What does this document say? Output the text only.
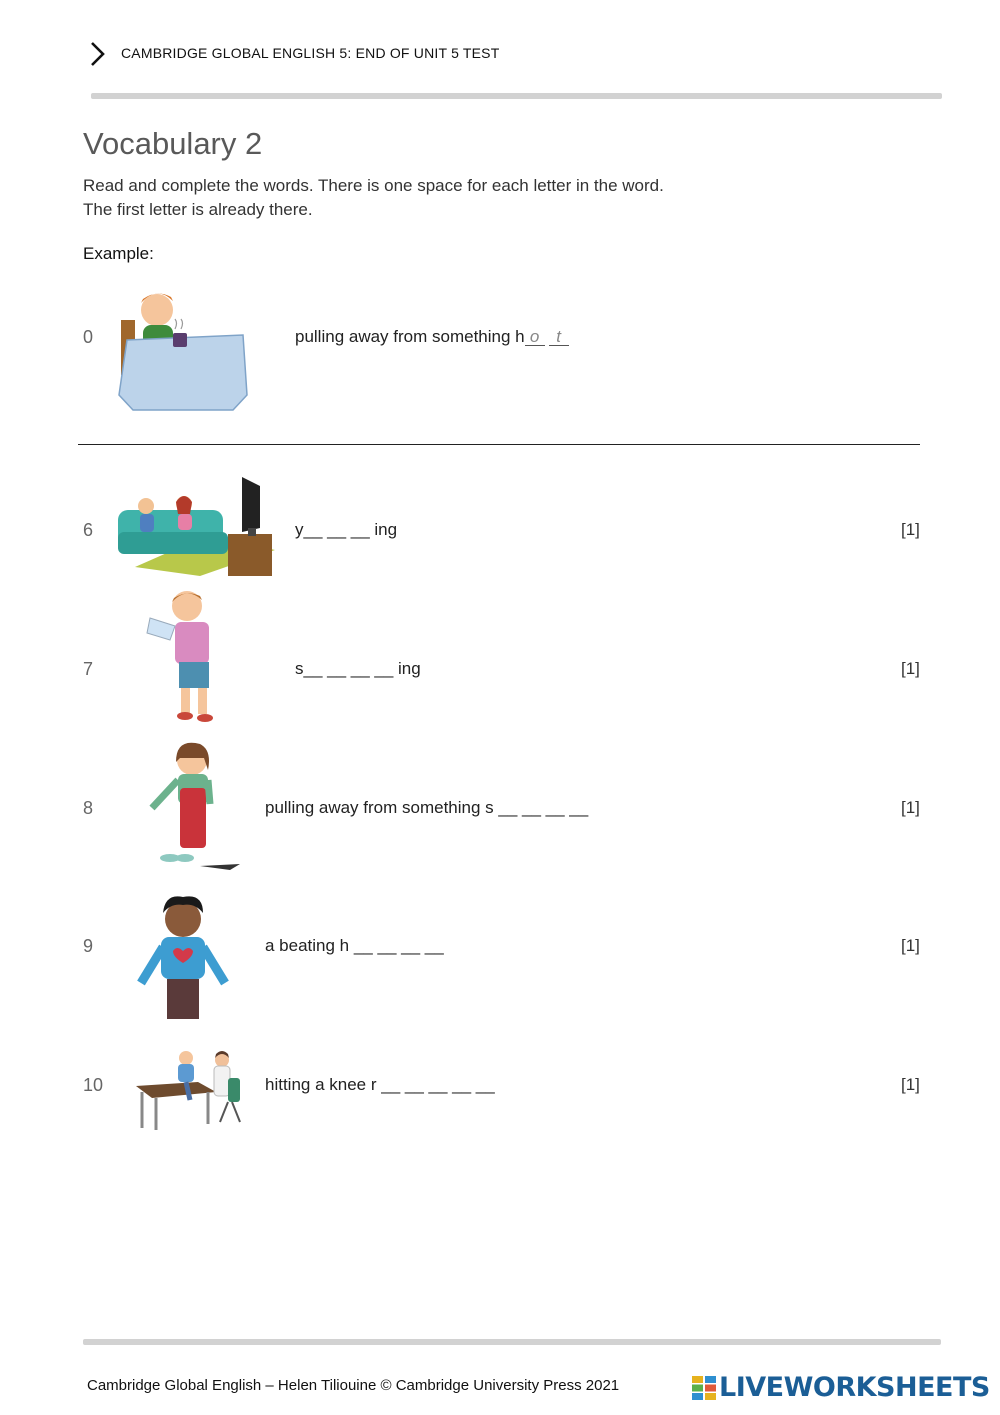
CAMBRIDGE GLOBAL ENGLISH 5: END OF UNIT 5 TEST
Vocabulary 2
Read and complete the words. There is one space for each letter in the word.
The first letter is already there.
Example:
0	pulling away from something h o t
6	y__ __ __ ing	[1]
7	s__ __ __ __ ing	[1]
8	pulling away from something s __ __ __ __	[1]
9	a beating h __ __ __ __	[1]
10	hitting a knee r __ __ __ __ __	[1]
Cambridge Global English – Helen Tiliouine © Cambridge University Press 2021	LIVEWORKSHEETS
